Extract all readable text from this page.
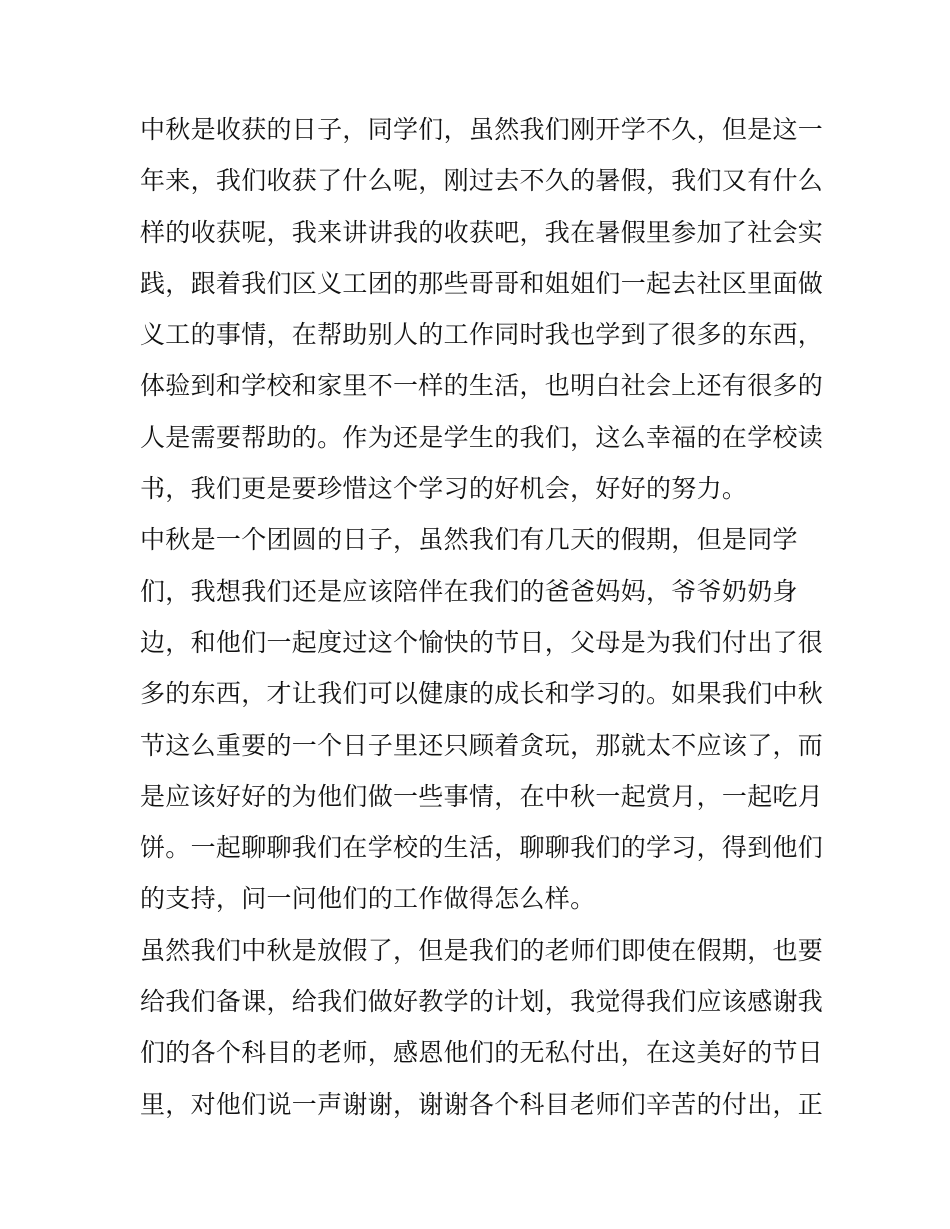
中秋是收获的日子，同学们，虽然我们刚开学不久，但是这一
年来，我们收获了什么呢，刚过去不久的暑假，我们又有什么
样的收获呢，我来讲讲我的收获吧，我在暑假里参加了社会实
践，跟着我们区义工团的那些哥哥和姐姐们一起去社区里面做
义工的事情，在帮助别人的工作同时我也学到了很多的东西，
体验到和学校和家里不一样的生活，也明白社会上还有很多的
人是需要帮助的。作为还是学生的我们，这么幸福的在学校读
书，我们更是要珍惜这个学习的好机会，好好的努力。
中秋是一个团圆的日子，虽然我们有几天的假期，但是同学
们，我想我们还是应该陪伴在我们的爸爸妈妈，爷爷奶奶身
边，和他们一起度过这个愉快的节日，父母是为我们付出了很
多的东西，才让我们可以健康的成长和学习的。如果我们中秋
节这么重要的一个日子里还只顾着贪玩，那就太不应该了，而
是应该好好的为他们做一些事情，在中秋一起赏月，一起吃月
饼。一起聊聊我们在学校的生活，聊聊我们的学习，得到他们
的支持，问一问他们的工作做得怎么样。
虽然我们中秋是放假了，但是我们的老师们即使在假期，也要
给我们备课，给我们做好教学的计划，我觉得我们应该感谢我
们的各个科目的老师，感恩他们的无私付出，在这美好的节日
里，对他们说一声谢谢，谢谢各个科目老师们辛苦的付出，正
